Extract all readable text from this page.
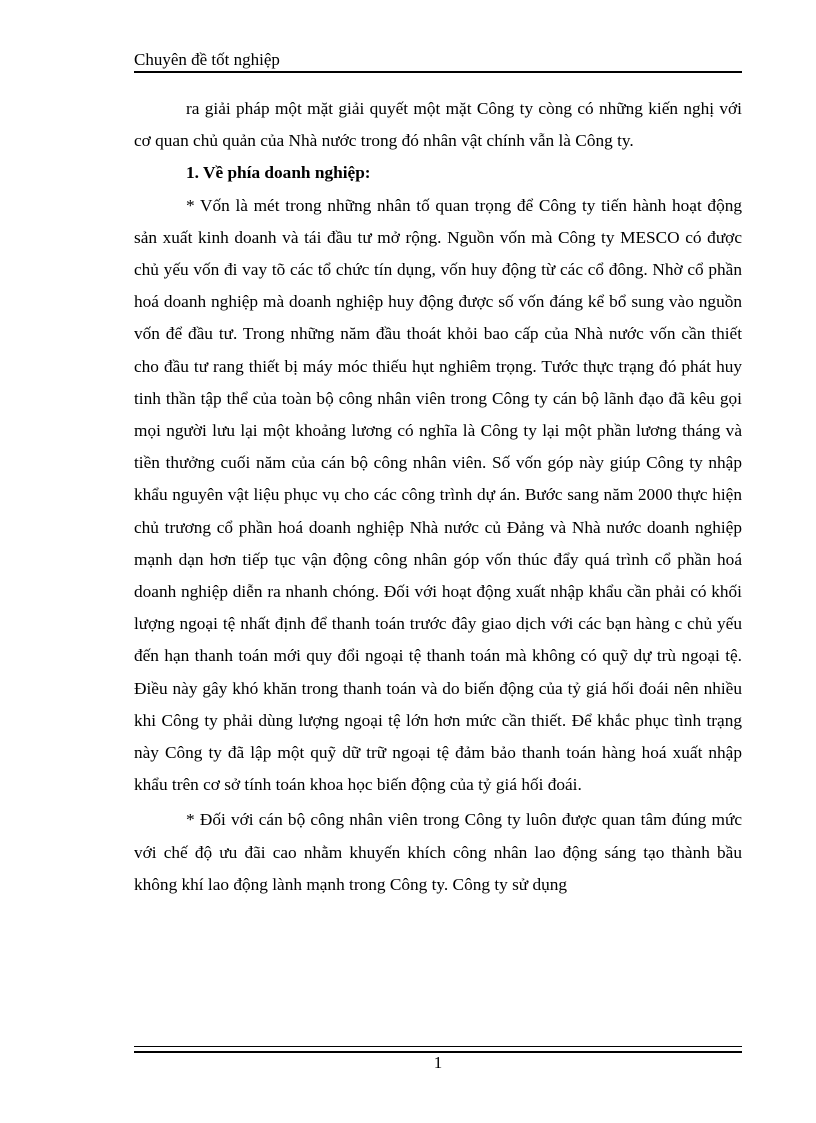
Chuyên đề tốt nghiệp

ra giải pháp một mặt giải quyết một mặt Công ty còng có những kiến nghị với cơ quan chủ quản của Nhà nước trong đó nhân vật chính vẫn là Công ty.

1. Về phía doanh nghiệp:

* Vốn là mét trong những nhân tố quan trọng để Công ty tiến hành hoạt động sản xuất kinh doanh và tái đầu tư mở rộng. Nguồn vốn mà Công ty MESCO có được chủ yếu vốn đi vay tõ các tổ chức tín dụng, vốn huy động từ các cổ đông. Nhờ cổ phần hoá doanh nghiệp mà doanh nghiệp huy động được số vốn đáng kể bổ sung vào nguồn vốn để đầu tư. Trong những năm đầu thoát khỏi bao cấp của Nhà nước vốn cần thiết cho đầu tư rang thiết bị máy móc thiếu hụt nghiêm trọng. Tước thực trạng đó phát huy tinh thần tập thể của toàn bộ công nhân viên trong Công ty cán bộ lãnh đạo đã kêu gọi mọi người lưu lại một khoảng lương có nghĩa là Công ty lại một phần lương tháng và tiền thưởng cuối năm của cán bộ công nhân viên. Số vốn góp này giúp Công ty nhập khẩu nguyên vật liệu phục vụ cho các công trình dự án. Bước sang năm 2000 thực hiện chủ trương cổ phần hoá doanh nghiệp Nhà nước củ Đảng và Nhà nước doanh nghiệp mạnh dạn hơn tiếp tục vận động công nhân góp vốn thúc đẩy quá trình cổ phần hoá doanh nghiệp diễn ra nhanh chóng. Đối với hoạt động xuất nhập khẩu cần phải có khối lượng ngoại tệ nhất định để thanh toán trước đây giao dịch với các bạn hàng c chủ yếu đến hạn thanh toán mới quy đổi ngoại tệ thanh toán mà không có quỹ dự trù ngoại tệ. Điều này gây khó khăn trong thanh toán và do biến động của tỷ giá hối đoái nên nhiều khi Công ty phải dùng lượng ngoại tệ lớn hơn mức cần thiết. Để khắc phục tình trạng này Công ty đã lập một quỹ dữ trữ ngoại tệ đảm bảo thanh toán hàng hoá xuất nhập khẩu trên cơ sở tính toán khoa học biến động của tỷ giá hối đoái.

* Đối với cán bộ công nhân viên trong Công ty luôn được quan tâm đúng mức với chế độ ưu đãi cao nhằm khuyến khích công nhân lao động sáng tạo thành bầu không khí lao động lành mạnh trong Công ty. Công ty sử dụng

1
